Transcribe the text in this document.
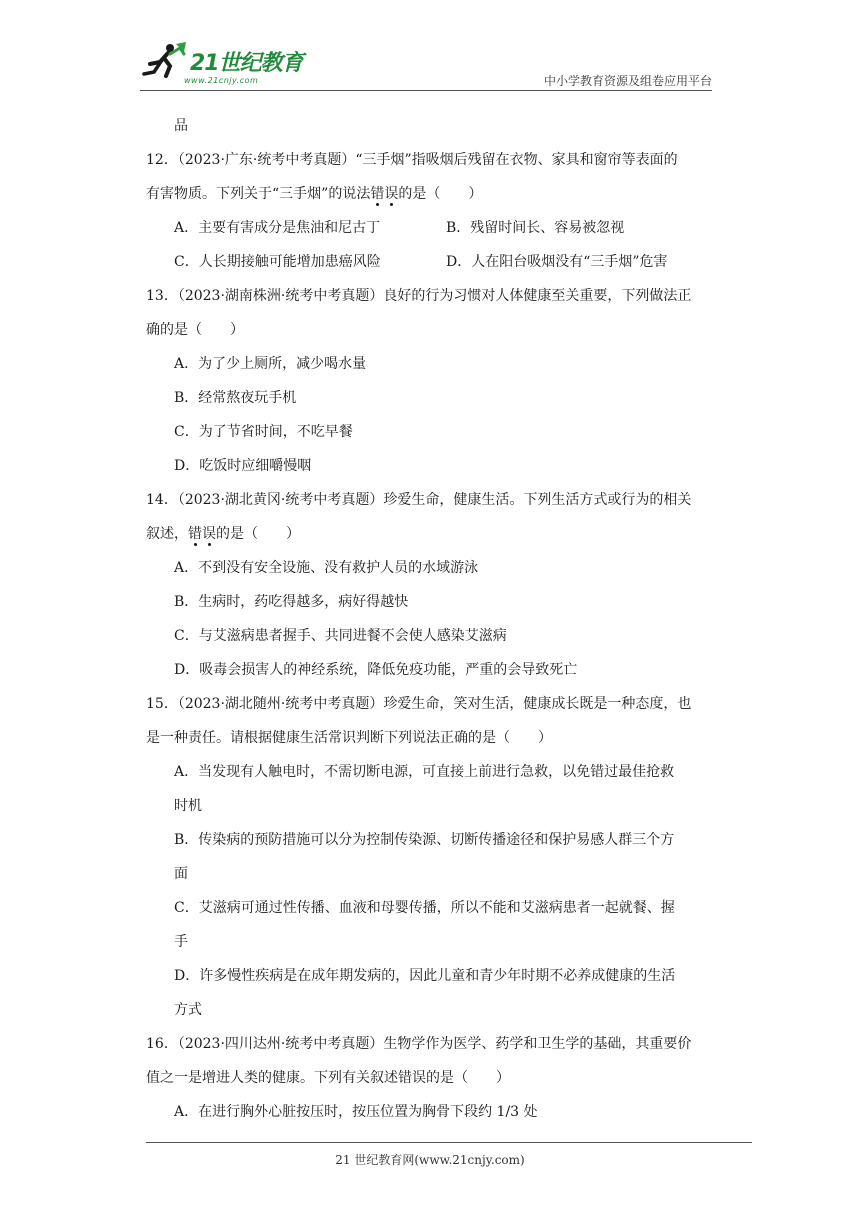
21世纪教育
www.21cnjy.com	中小学教育资源及组卷应用平台
品
12．（2023·广东·统考中考真题）“三手烟”指吸烟后残留在衣物、家具和窗帘等表面的
有害物质。下列关于“三手烟”的说法错误的是（　　）
A．主要有害成分是焦油和尼古丁	B．残留时间长、容易被忽视
C．人长期接触可能增加患癌风险	D．人在阳台吸烟没有“三手烟”危害
13．（2023·湖南株洲·统考中考真题）良好的行为习惯对人体健康至关重要，下列做法正
确的是（　　）
A．为了少上厕所，减少喝水量
B．经常熬夜玩手机
C．为了节省时间，不吃早餐
D．吃饭时应细嚼慢咽
14．（2023·湖北黄冈·统考中考真题）珍爱生命，健康生活。下列生活方式或行为的相关
叙述，错误的是（　　）
A．不到没有安全设施、没有救护人员的水域游泳
B．生病时，药吃得越多，病好得越快
C．与艾滋病患者握手、共同进餐不会使人感染艾滋病
D．吸毒会损害人的神经系统，降低免疫功能，严重的会导致死亡
15．（2023·湖北随州·统考中考真题）珍爱生命，笑对生活，健康成长既是一种态度，也
是一种责任。请根据健康生活常识判断下列说法正确的是（　　）
A．当发现有人触电时，不需切断电源，可直接上前进行急救，以免错过最佳抢救
时机
B．传染病的预防措施可以分为控制传染源、切断传播途径和保护易感人群三个方
面
C．艾滋病可通过性传播、血液和母婴传播，所以不能和艾滋病患者一起就餐、握
手
D．许多慢性疾病是在成年期发病的，因此儿童和青少年时期不必养成健康的生活
方式
16．（2023·四川达州·统考中考真题）生物学作为医学、药学和卫生学的基础，其重要价
值之一是增进人类的健康。下列有关叙述错误的是（　　）
A．在进行胸外心脏按压时，按压位置为胸骨下段约 1/3 处
21 世纪教育网(www.21cnjy.com)
